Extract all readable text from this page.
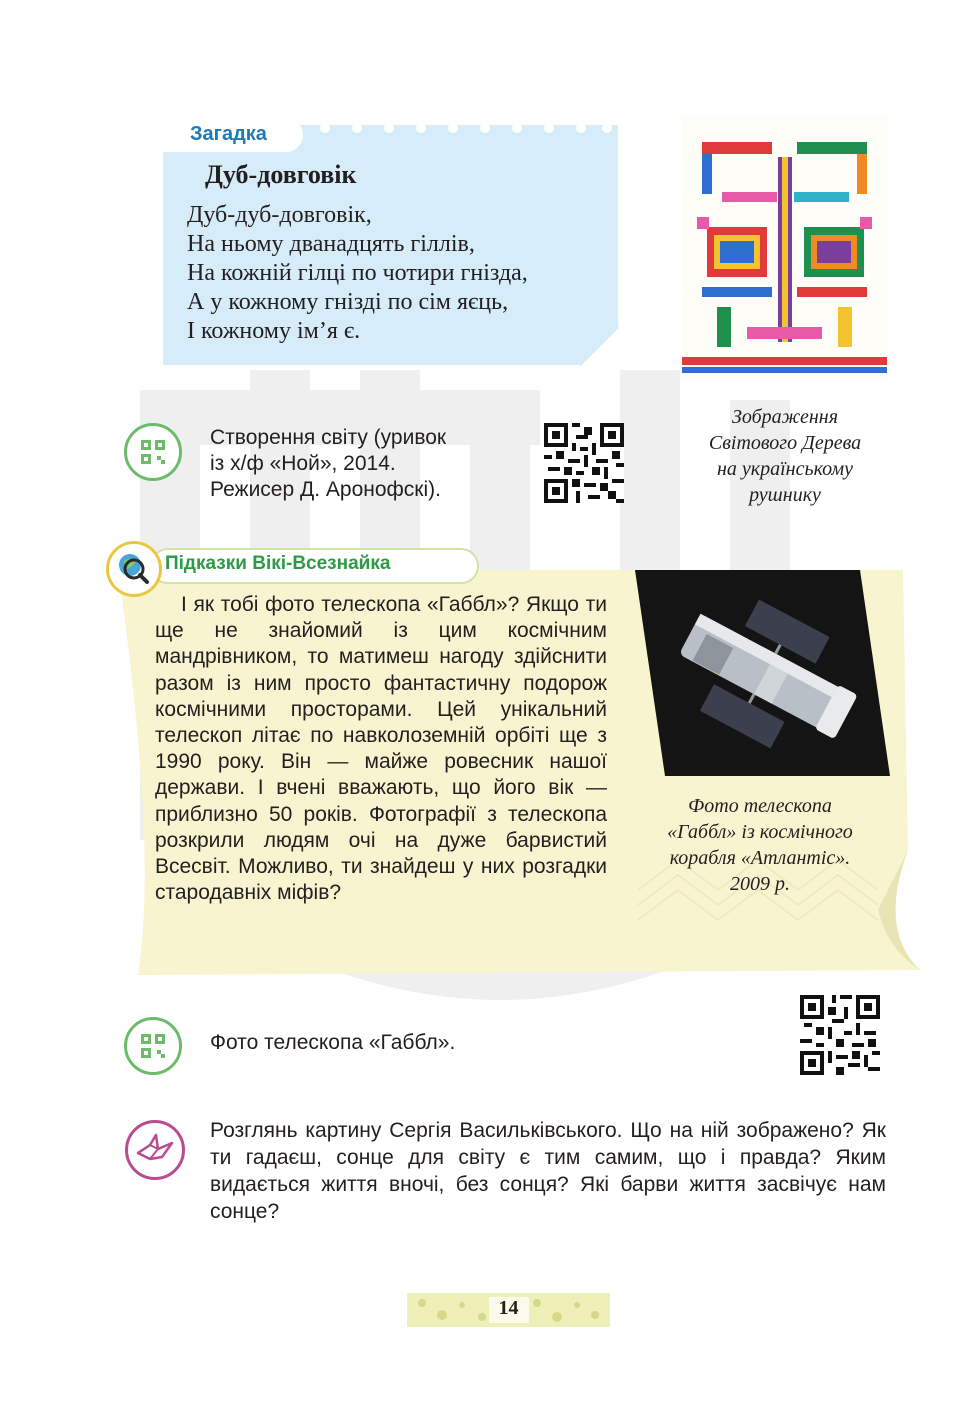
Загадка
Дуб-довговік
Дуб-дуб-довговік,
На ньому дванадцять гіллів,
На кожній гілці по чотири гнізда,
А у кожному гнізді по сім яєць,
І кожному ім’я є.
Зображення
Світового Дерева
на українському
рушнику
Створення світу (уривок
із х/ф «Ной», 2014.
Режисер Д. Аронофскі).
Підказки Вікі-Всезнайка

І як тобі фото телескопа «Габбл»? Якщо ти ще не знайомий із цим космічним мандрівником, то матимеш нагоду здійснити разом із ним просто фантастичну подорож космічними просторами. Цей унікальний телескоп літає по навколоземній орбіті ще з 1990 року. Він — майже ровесник нашої держави. І вчені вважають, що його вік — приблизно 50 років. Фотографії з телескопа розкрили людям очі на дуже барвистий Всесвіт. Можливо, ти знайдеш у них розгадки стародавніх міфів?

Фото телескопа
«Габбл» із космічного
корабля «Атлантіс».
2009 р.
Фото телескопа «Габбл».
Розглянь картину Сергія Васильківського. Що на ній зображено? Як ти гадаєш, сонце для світу є тим самим, що і правда? Яким видається життя вночі, без сонця? Які барви життя засвічує нам сонце?
14
